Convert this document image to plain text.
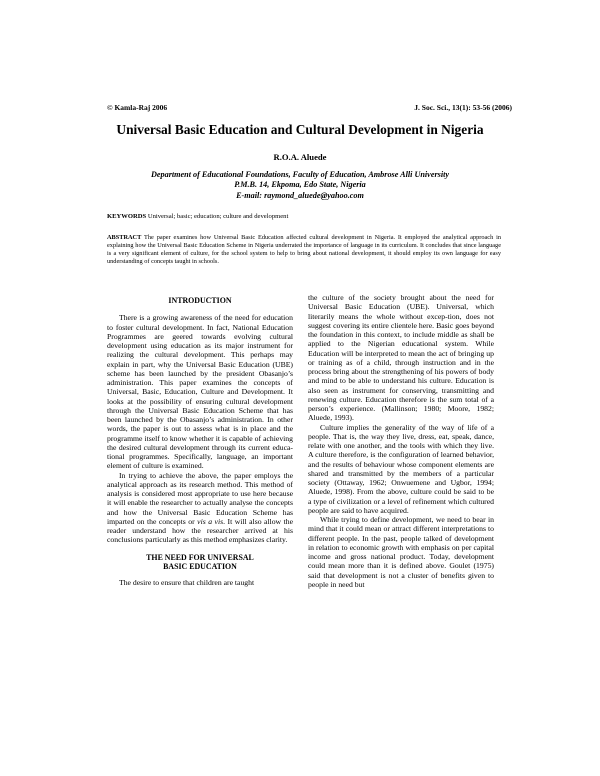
© Kamla-Raj 2006	J. Soc. Sci., 13(1): 53-56 (2006)
Universal Basic Education and Cultural Development in Nigeria
R.O.A. Aluede
Department of Educational Foundations, Faculty of Education, Ambrose Alli University
P.M.B. 14, Ekpoma, Edo State, Nigeria
E-mail: raymond_aluede@yahoo.com
KEYWORDS Universal; basic; education; culture and development
ABSTRACT The paper examines how Universal Basic Education affected cultural development in Nigeria. It employed the analytical approach in explaining how the Universal Basic Education Scheme in Nigeria underrated the importance of language in its curriculum. It concludes that since language is a very significant element of culture, for the school system to help to bring about national development, it should employ its own language for easy understanding of concepts taught in schools.
INTRODUCTION

There is a growing awareness of the need for education to foster cultural development. In fact, National Education Programmes are geered towards evolving cultural development using education as its major instrument for realizing the cultural development. This perhaps may explain in part, why the Universal Basic Education (UBE) scheme has been launched by the president Obasanjo’s administration. This paper examines the concepts of Universal, Basic, Education, Culture and Development. It looks at the possibility of ensuring cultural development through the Universal Basic Education Scheme that has been launched by the Obasanjo’s administration. In other words, the paper is out to assess what is in place and the programme itself to know whether it is capable of achieving the desired cultural development through its current educa-tional programmes. Specifically, language, an important element of culture is examined.

In trying to achieve the above, the paper employs the analytical approach as its research method. This method of analysis is considered most appropriate to use here because it will enable the researcher to actually analyse the concepts and how the Universal Basic Education Scheme has imparted on the concepts or vis a vis. It will also allow the reader understand how the researcher arrived at his conclusions particularly as this method emphasizes clarity.

THE NEED FOR UNIVERSAL
BASIC EDUCATION

The desire to ensure that children are taught

the culture of the society brought about the need for Universal Basic Education (UBE). Universal, which literarily means the whole without excep-tion, does not suggest covering its entire clientele here. Basic goes beyond the foundation in this context, to include middle as shall be applied to the Nigerian educational system. While Education will be interpreted to mean the act of bringing up or training as of a child, through instruction and in the process bring about the strengthening of his powers of body and mind to be able to understand his culture. Education is also seen as instrument for conserving, transmitting and renewing culture. Education therefore is the sum total of a person’s experience. (Mallinson; 1980; Moore, 1982; Aluede, 1993).

Culture implies the generality of the way of life of a people. That is, the way they live, dress, eat, speak, dance, relate with one another, and the tools with which they live. A culture therefore, is the configuration of learned behavior, and the results of behaviour whose component elements are shared and transmitted by the members of a particular society (Ottaway, 1962; Onwuemene and Ugbor, 1994; Aluede, 1998). From the above, culture could be said to be a type of civilization or a level of refinement which cultured people are said to have acquired.

While trying to define development, we need to bear in mind that it could mean or attract different interpretations to different people. In the past, people talked of development in relation to economic growth with emphasis on per capital income and gross national product. Today, development could mean more than it is defined above. Goulet (1975) said that development is not a cluster of benefits given to people in need but
